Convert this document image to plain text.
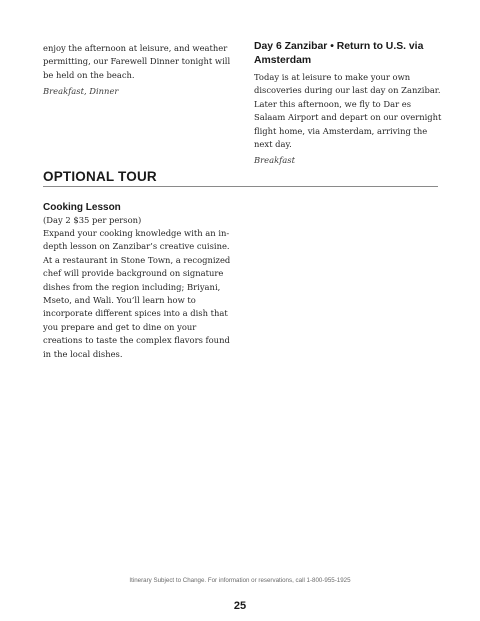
enjoy the afternoon at leisure, and weather permitting, our Farewell Dinner tonight will be held on the beach.

Breakfast, Dinner

Day 6 Zanzibar • Return to U.S. via Amsterdam

Today is at leisure to make your own discoveries during our last day on Zanzibar. Later this afternoon, we fly to Dar es Salaam Airport and depart on our overnight flight home, via Amsterdam, arriving the next day.

Breakfast

OPTIONAL TOUR

Cooking Lesson

(Day 2 $35 per person)

Expand your cooking knowledge with an in-depth lesson on Zanzibar’s creative cuisine. At a restaurant in Stone Town, a recognized chef will provide background on signature dishes from the region including; Briyani, Mseto, and Wali. You’ll learn how to incorporate different spices into a dish that you prepare and get to dine on your creations to taste the complex flavors found in the local dishes.

Itinerary Subject to Change. For information or reservations, call 1-800-955-1925
25
